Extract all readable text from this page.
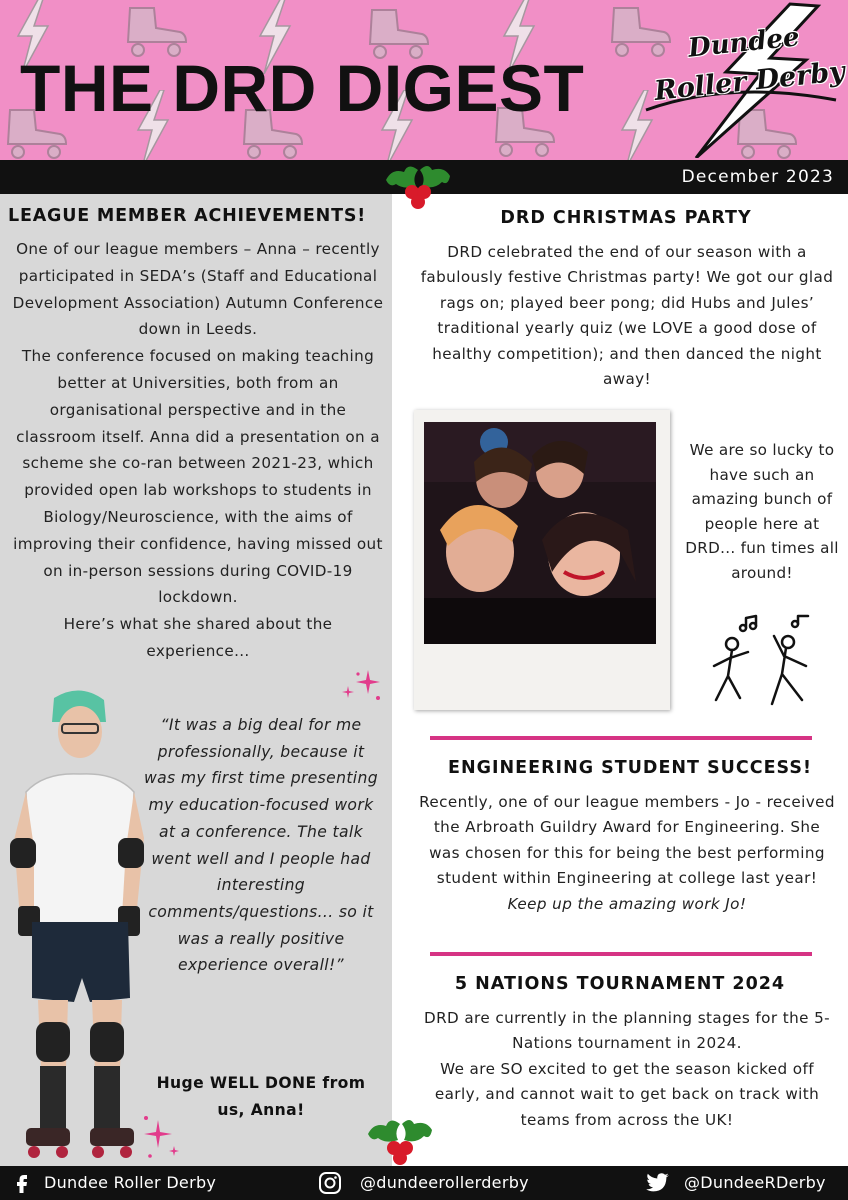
THE DRD DIGEST
Dundee
Roller Derby
December 2023
LEAGUE MEMBER ACHIEVEMENTS!

One of our league members – Anna – recently participated in SEDA’s (Staff and Educational Development Association) Autumn Conference down in Leeds.

The conference focused on making teaching better at Universities, both from an organisational perspective and in the classroom itself. Anna did a presentation on a scheme she co-ran between 2021-23, which provided open lab workshops to students in Biology/Neuroscience, with the aims of improving their confidence, having missed out on in-person sessions during COVID-19 lockdown.

Here’s what she shared about the experience...

“It was a big deal for me professionally, because it was my first time presenting my education-focused work at a conference. The talk went well and I people had interesting comments/questions... so it was a really positive experience overall!”
Huge WELL DONE from us, Anna!
DRD CHRISTMAS PARTY
DRD celebrated the end of our season with a fabulously festive Christmas party! We got our glad rags on; played beer pong; did Hubs and Jules’ traditional yearly quiz (we LOVE a good dose of healthy competition); and then danced the night away!
We are so lucky to have such an amazing bunch of people here at DRD... fun times all around!
ENGINEERING STUDENT SUCCESS!

Recently, one of our league members - Jo - received the Arbroath Guildry Award for Engineering. She was chosen for this for being the best performing student within Engineering at college last year!

Keep up the amazing work Jo!

5 NATIONS TOURNAMENT 2024

DRD are currently in the planning stages for the 5-Nations tournament in 2024.

We are SO excited to get the season kicked off early, and cannot wait to get back on track with teams from across the UK!

Dundee Roller Derby	@dundeerollerderby	@DundeeRDerby
